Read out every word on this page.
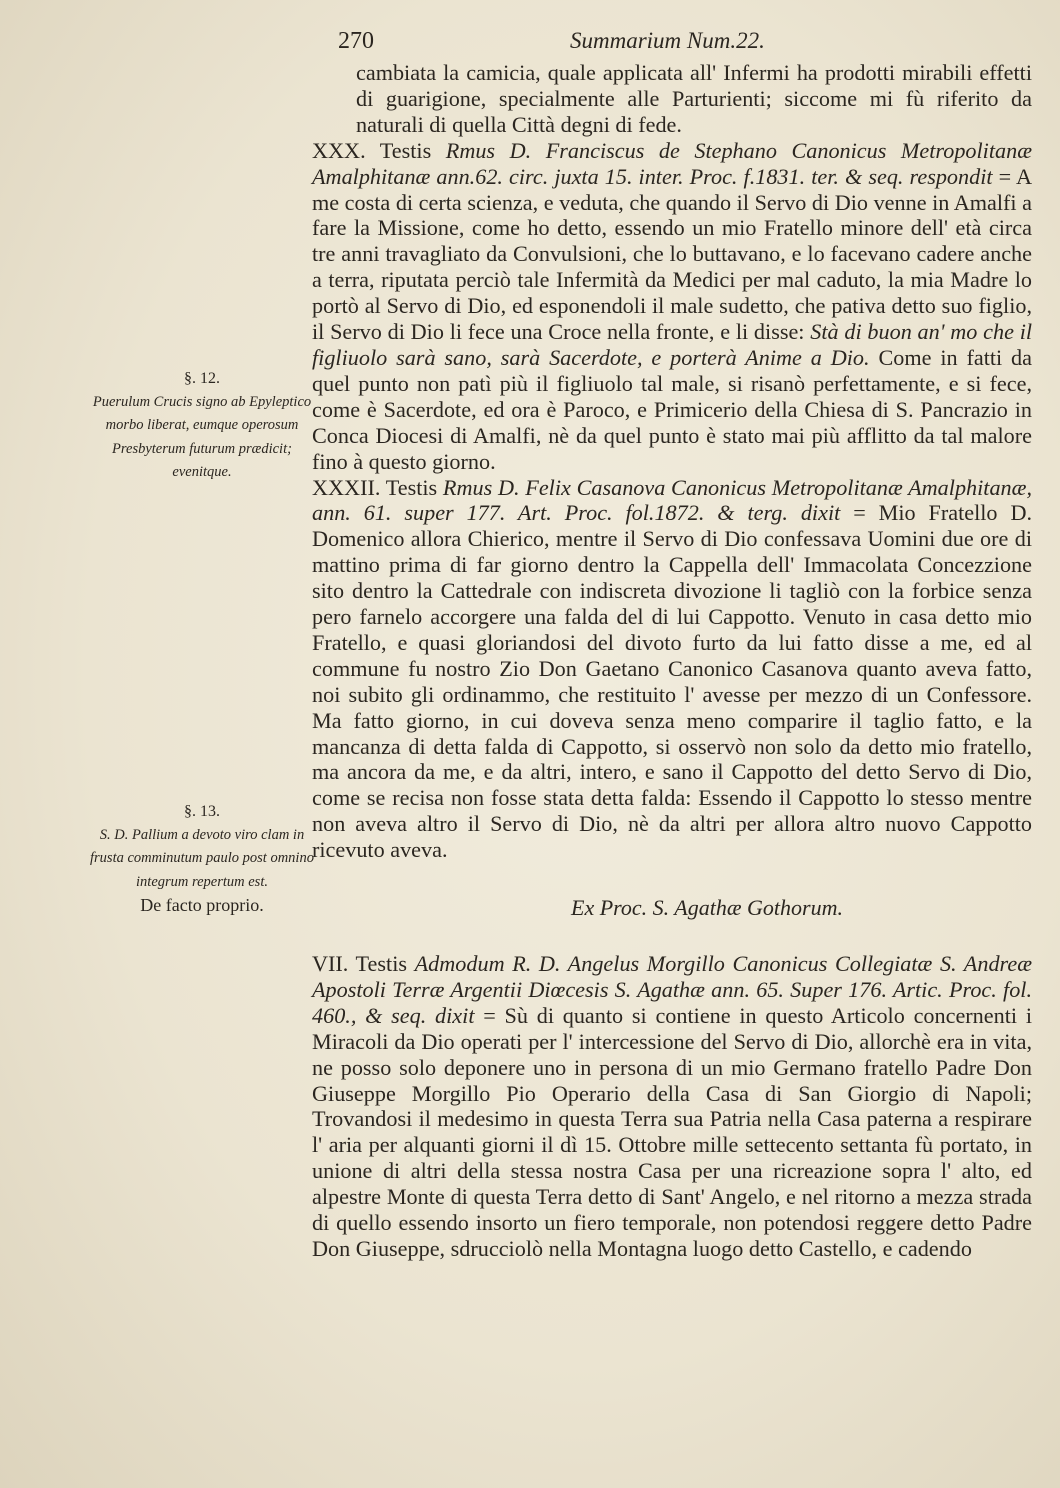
270	Summarium Num.22.

cambiata la camicia, quale applicata all' Infermi ha prodotti mirabili effetti di guarigione, specialmente alle Parturienti; siccome mi fù riferito da naturali di quella Città degni di fede.

XXX. Testis Rmus D. Franciscus de Stephano Canonicus Metropolitanæ Amalphitanæ ann.62. circ. juxta 15. inter. Proc. f.1831. ter. & seq. respondit = A me costa di certa scienza, e veduta, che quando il Servo di Dio venne in Amalfi a fare la Missione, come ho detto, essendo un mio Fratello minore dell' età circa tre anni travagliato da Convulsioni, che lo buttavano, e lo facevano cadere anche a terra, riputata perciò tale Infermità da Medici per mal caduto, la mia Madre lo portò al Servo di Dio, ed esponendoli il male sudetto, che pativa detto suo figlio, il Servo di Dio li fece una Croce nella fronte, e li disse: Stà di buon an' mo che il figliuolo sarà sano, sarà Sacerdote, e porterà Anime a Dio. Come in fatti da quel punto non patì più il figliuolo tal male, si risanò perfettamente, e si fece, come è Sacerdote, ed ora è Paroco, e Primicerio della Chiesa di S. Pancrazio in Conca Diocesi di Amalfi, nè da quel punto è stato mai più afflitto da tal malore fino à questo giorno.

XXXII. Testis Rmus D. Felix Casanova Canonicus Metropolitanæ Amalphitanæ, ann. 61. super 177. Art. Proc. fol.1872. & terg. dixit = Mio Fratello D. Domenico allora Chierico, mentre il Servo di Dio confessava Uomini due ore di mattino prima di far giorno dentro la Cappella dell' Immacolata Concezzione sito dentro la Cattedrale con indiscreta divozione li tagliò con la forbice senza pero farnelo accorgere una falda del di lui Cappotto. Venuto in casa detto mio Fratello, e quasi gloriandosi del divoto furto da lui fatto disse a me, ed al commune fu nostro Zio Don Gaetano Canonico Casanova quanto aveva fatto, noi subito gli ordinammo, che restituito l' avesse per mezzo di un Confessore. Ma fatto giorno, in cui doveva senza meno comparire il taglio fatto, e la mancanza di detta falda di Cappotto, si osservò non solo da detto mio fratello, ma ancora da me, e da altri, intero, e sano il Cappotto del detto Servo di Dio, come se recisa non fosse stata detta falda: Essendo il Cappotto lo stesso mentre non aveva altro il Servo di Dio, nè da altri per allora altro nuovo Cappotto ricevuto aveva.

Ex Proc. S. Agathæ Gothorum.

VII. Testis Admodum R. D. Angelus Morgillo Canonicus Collegiatæ S. Andreæ Apostoli Terræ Argentii Diœcesis S. Agathæ ann. 65. Super 176. Artic. Proc. fol. 460., & seq. dixit = Sù di quanto si contiene in questo Articolo concernenti i Miracoli da Dio operati per l' intercessione del Servo di Dio, allorchè era in vita, ne posso solo deponere uno in persona di un mio Germano fratello Padre Don Giuseppe Morgillo Pio Operario della Casa di San Giorgio di Napoli; Trovandosi il medesimo in questa Terra sua Patria nella Casa paterna a respirare l' aria per alquanti giorni il dì 15. Ottobre mille settecento settanta fù portato, in unione di altri della stessa nostra Casa per una ricreazione sopra l' alto, ed alpestre Monte di questa Terra detto di Sant' Angelo, e nel ritorno a mezza strada di quello essendo insorto un fiero temporale, non potendosi reggere detto Padre Don Giuseppe, sdrucciolò nella Montagna luogo detto Castello, e cadendo

§. 12.
Puerulum Crucis signo ab Epyleptico morbo liberat, eumque operosum Presbyterum futurum prædicit; evenitque.
§. 13.
S. D. Pallium a devoto viro clam in frusta comminutum paulo post omnino integrum repertum est.
De facto proprio.
